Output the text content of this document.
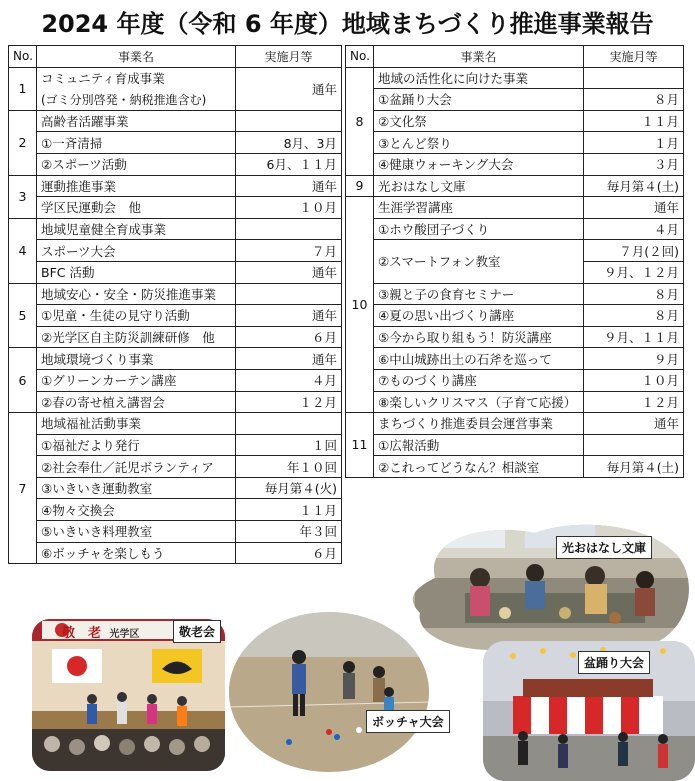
2024 年度（令和 6 年度）地域まちづくり推進事業報告
No.	事業名	実施月等
1	コミュニティ育成事業	通年
	(ゴミ分別啓発・納税推進含む)	
2	高齢者活躍事業	
	①一斉清掃	8月、3月
	②スポーツ活動	6月、１１月
3	運動推進事業	通年
	学区民運動会　他	１０月
4	地域児童健全育成事業	
	スポーツ大会	７月
	BFC 活動	通年
5	地域安心・安全・防災推進事業	
	①児童・生徒の見守り活動	通年
	②光学区自主防災訓練研修　他	６月
6	地域環境づくり事業	通年
	①グリーンカーテン講座	４月
	②春の寄せ植え講習会	１２月
7	地域福祉活動事業	
	①福祉だより発行	１回
	②社会奉仕／託児ボランティア	年１０回
	③いきいき運動教室	毎月第４(火)
	④物々交換会	１１月
	⑤いきいき料理教室	年３回
	⑥ボッチャを楽しもう	６月
No.	事業名	実施月等
8	地域の活性化に向けた事業	
	①盆踊り大会	８月
	②文化祭	１１月
	③とんど祭り	１月
	④健康ウォーキング大会	３月
9	光おはなし文庫	毎月第４(土)
10	生涯学習講座	通年
	①ホウ酸団子づくり	４月
	②スマートフォン教室	７月(２回)
		９月、１２月
	③親と子の食育セミナー	８月
	④夏の思い出づくり講座	８月
	⑤今から取り組もう！防災講座	９月、１１月
	⑥中山城跡出土の石斧を巡って	９月
	⑦ものづくり講座	１０月
	⑧楽しいクリスマス（子育て応援）	１２月
11	まちづくり推進委員会運営事業	通年
	①広報活動	
	②これってどうなん？相談室	毎月第４(土)
光おはなし文庫
敬　老 光学区	敬老会
ボッチャ大会
盆踊り大会
